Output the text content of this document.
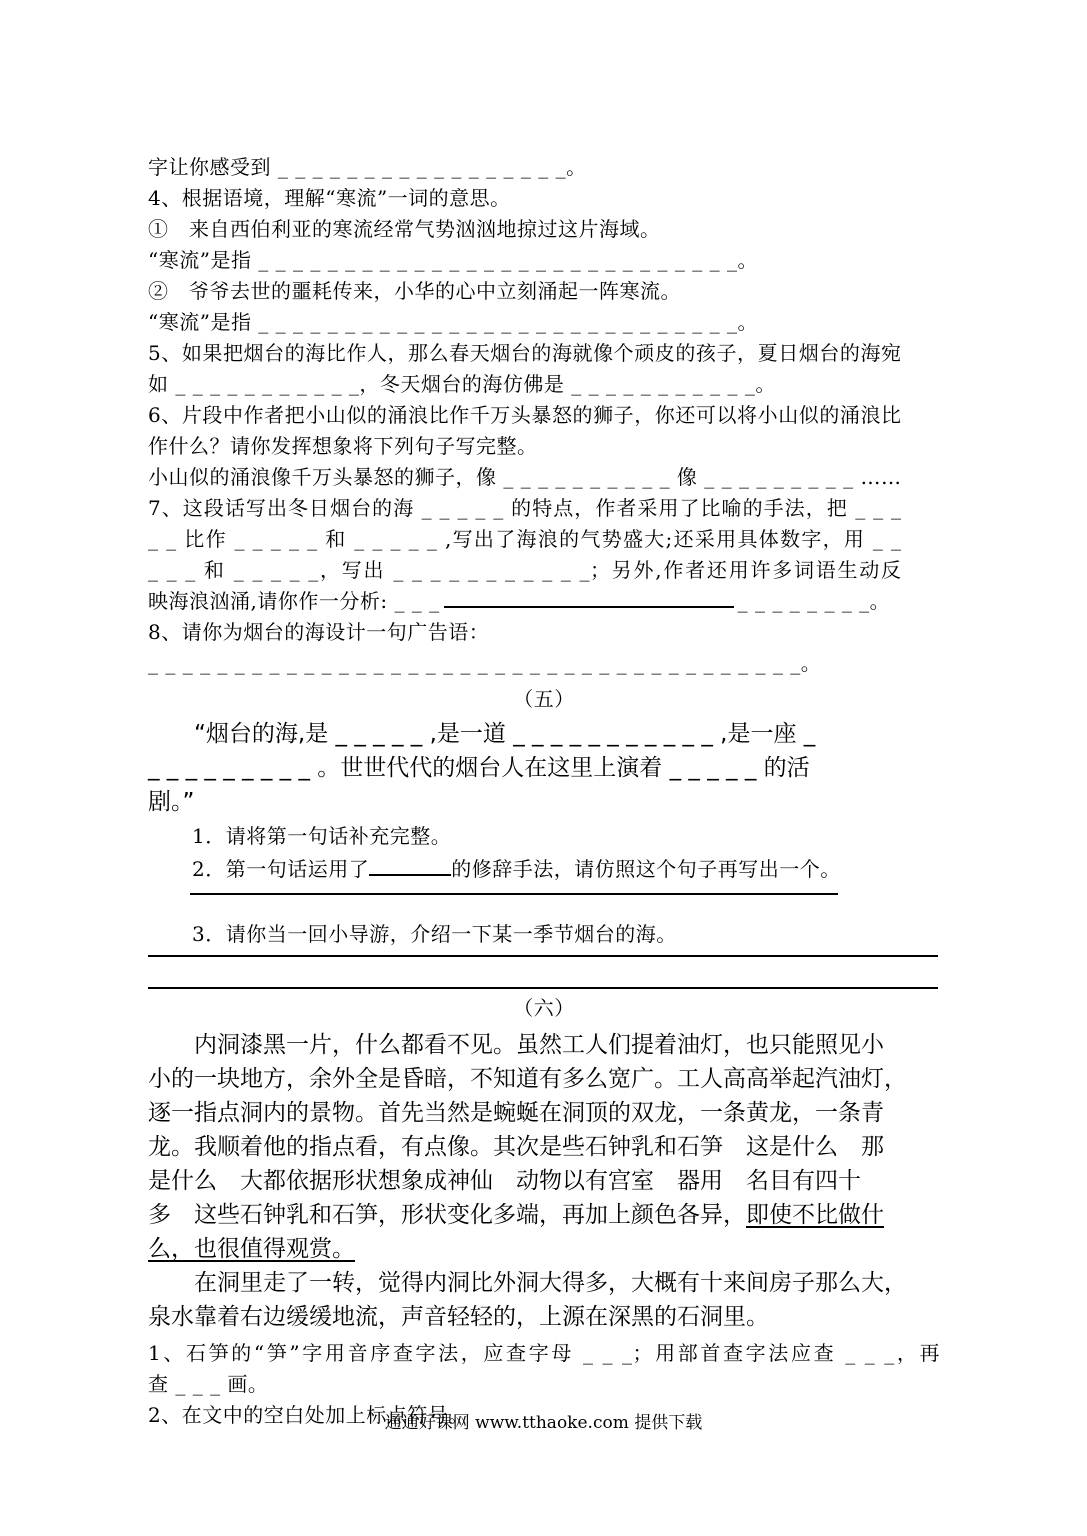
字让你感受到 _ _ _ _ _ _ _ _ _ _ _ _ _ _ _ _ _。
4、根据语境，理解“寒流”一词的意思。
①　来自西伯利亚的寒流经常气势汹汹地掠过这片海域。
“寒流”是指 _ _ _ _ _ _ _ _ _ _ _ _ _ _ _ _ _ _ _ _ _ _ _ _ _ _ _ _。
②　爷爷去世的噩耗传来，小华的心中立刻涌起一阵寒流。
“寒流”是指 _ _ _ _ _ _ _ _ _ _ _ _ _ _ _ _ _ _ _ _ _ _ _ _ _ _ _ _。
5、如果把烟台的海比作人，那么春天烟台的海就像个顽皮的孩子，夏日烟台的海宛
如 _ _ _ _ _ _ _ _ _ _ _，冬天烟台的海仿佛是 _ _ _ _ _ _ _ _ _ _ _。
6、片段中作者把小山似的涌浪比作千万头暴怒的狮子，你还可以将小山似的涌浪比
作什么？请你发挥想象将下列句子写完整。
小山似的涌浪像千万头暴怒的狮子，像 _ _ _ _ _ _ _ _ _ _ 像 _ _ _ _ _ _ _ _ _ ……
7、这段话写出冬日烟台的海 _ _ _ _ _ 的特点，作者采用了比喻的手法，把 _ _ _
_ _ 比作 _ _ _ _ _ 和 _ _ _ _ _ ,写出了海浪的气势盛大;还采用具体数字，用 _ _
_ _ _ 和 _ _ _ _ _，写出 _ _ _ _ _ _ _ _ _ _ _；另外,作者还用许多词语生动反
映海浪汹涌,请你作一分析: _ _ _	_ _ _ _ _ _ _ _。
8、请你为烟台的海设计一句广告语：
_ _ _ _ _ _ _ _ _ _ _ _ _ _ _ _ _ _ _ _ _ _ _ _ _ _ _ _ _ _ _ _ _ _ _ _ _ _。
（五）
“烟台的海,是 _ _ _ _ _ ,是一道 _ _ _ _ _ _ _ _ _ _ _ ,是一座 _
_ _ _ _ _ _ _ _ _ 。世世代代的烟台人在这里上演着 _ _ _ _ _ 的活
剧。”
1．请将第一句话补充完整。
2．第一句话运用了	的修辞手法，请仿照这个句子再写出一个。
3．请你当一回小导游，介绍一下某一季节烟台的海。
（六）
内洞漆黑一片，什么都看不见。虽然工人们提着油灯，也只能照见小
小的一块地方，余外全是昏暗，不知道有多么宽广。工人高高举起汽油灯，
逐一指点洞内的景物。首先当然是蜿蜒在洞顶的双龙，一条黄龙，一条青
龙。我顺着他的指点看，有点像。其次是些石钟乳和石笋　这是什么　那
是什么　大都依据形状想象成神仙　动物以有宫室　器用　名目有四十
多　这些石钟乳和石笋，形状变化多端，再加上颜色各异，即使不比做什
么，也很值得观赏。
在洞里走了一转，觉得内洞比外洞大得多，大概有十来间房子那么大，
泉水靠着右边缓缓地流，声音轻轻的，上源在深黑的石洞里。
1、石笋的“笋”字用音序查字法，应查字母 _ _ _；用部首查字法应查 _ _ _，再
查 _ _ _ 画。
2、在文中的空白处加上标点符号。
通通好课网 www.tthaoke.com 提供下载
